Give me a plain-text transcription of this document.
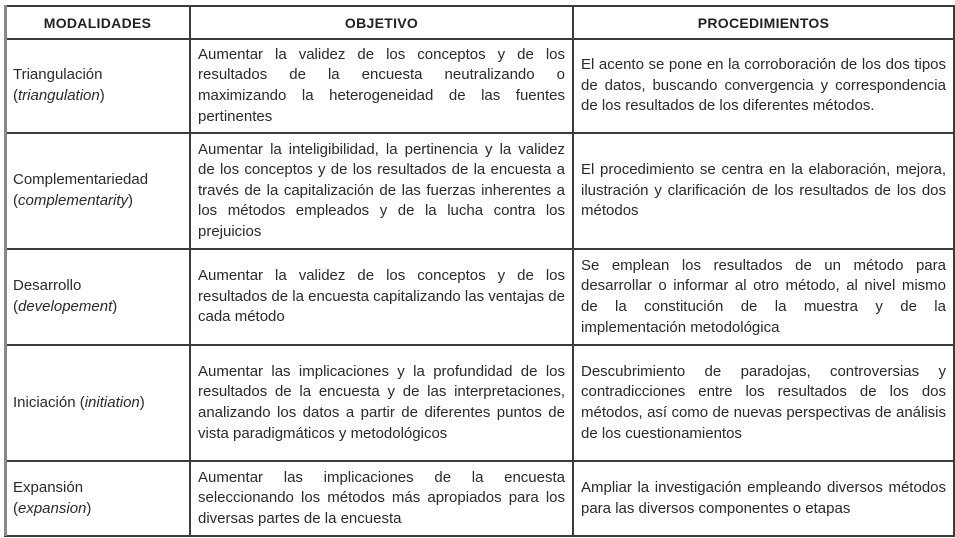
MODALIDADES	OBJETIVO	PROCEDIMIENTOS
Triangulación
(triangulation)	Aumentar la validez de los conceptos y de los resultados de la encuesta neutralizando o maximizando la heterogeneidad de las fuentes pertinentes	El acento se pone en la corroboración de los dos tipos de datos, buscando convergencia y correspondencia de los resultados de los diferentes métodos.
Complementariedad
(complementarity)	Aumentar la inteligibilidad, la pertinencia y la validez de los conceptos y de los resultados de la encuesta a través de la capitalización de las fuerzas inherentes a los métodos empleados y de la lucha contra los prejuicios	El procedimiento se centra en la elaboración, mejora, ilustración y clarificación de los resultados de los dos métodos
Desarrollo
(developement)	Aumentar la validez de los conceptos y de los resultados de la encuesta capitalizando las ventajas de cada método	Se emplean los resultados de un método para desarrollar o informar al otro método, al nivel mismo de la constitución de la muestra y de la implementación metodológica
Iniciación (initiation)	Aumentar las implicaciones y la profundidad de los resultados de la encuesta y de las interpretaciones, analizando los datos a partir de diferentes puntos de vista paradigmáticos y metodológicos	Descubrimiento de paradojas, controversias y contradicciones entre los resultados de los dos métodos, así como de nuevas perspectivas de análisis de los cuestionamientos
Expansión
(expansion)	Aumentar las implicaciones de la encuesta seleccionando los métodos más apropiados para los diversas partes de la encuesta	Ampliar la investigación empleando diversos métodos para las diversos componentes o etapas
